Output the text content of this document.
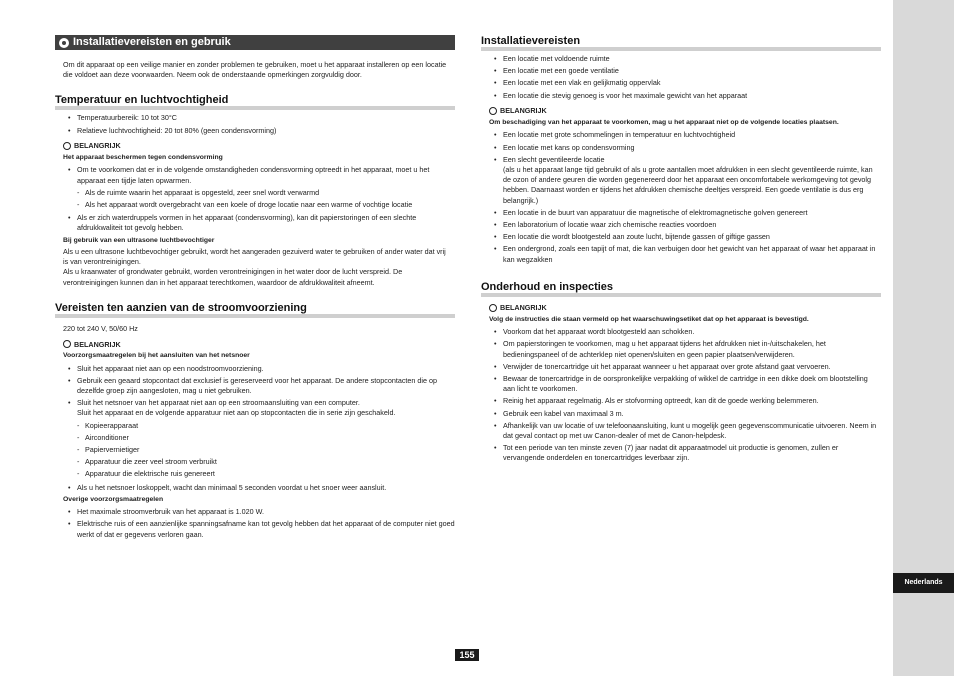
Nederlands
155
Installatievereisten en gebruik

Om dit apparaat op een veilige manier en zonder problemen te gebruiken, moet u het apparaat installeren op een locatie die voldoet aan deze voorwaarden. Neem ook de onderstaande opmerkingen zorgvuldig door.

Temperatuur en luchtvochtigheid
• Temperatuurbereik: 10 tot 30°C
• Relatieve luchtvochtigheid: 20 tot 80% (geen condensvorming)
BELANGRIJK

Het apparaat beschermen tegen condensvorming

• Om te voorkomen dat er in de volgende omstandigheden condensvorming optreedt in het apparaat, moet u het apparaat een tijdje laten opwarmen.
- Als de ruimte waarin het apparaat is opgesteld, zeer snel wordt verwarmd
- Als het apparaat wordt overgebracht van een koele of droge locatie naar een warme of vochtige locatie
• Als er zich waterdruppels vormen in het apparaat (condensvorming), kan dit papierstoringen of een slechte afdrukkwaliteit tot gevolg hebben.

Bij gebruik van een ultrasone luchtbevochtiger

Als u een ultrasone luchtbevochtiger gebruikt, wordt het aangeraden gezuiverd water te gebruiken of ander water dat vrij is van verontreinigingen.

Als u kraanwater of grondwater gebruikt, worden verontreinigingen in het water door de lucht verspreid. De verontreinigingen kunnen dan in het apparaat terechtkomen, waardoor de afdrukkwaliteit afneemt.

Vereisten ten aanzien van de stroomvoorziening

220 tot 240 V, 50/60 Hz

BELANGRIJK

Voorzorgsmaatregelen bij het aansluiten van het netsnoer

• Sluit het apparaat niet aan op een noodstroomvoorziening.
• Gebruik een geaard stopcontact dat exclusief is gereserveerd voor het apparaat. De andere stopcontacten die op dezelfde groep zijn aangesloten, mag u niet gebruiken.
• Sluit het netsnoer van het apparaat niet aan op een stroomaansluiting van een computer.
Sluit het apparaat en de volgende apparatuur niet aan op stopcontacten die in serie zijn geschakeld.
- Kopieerapparaat
- Airconditioner
- Papiervernietiger
- Apparatuur die zeer veel stroom verbruikt
- Apparatuur die elektrische ruis genereert
• Als u het netsnoer loskoppelt, wacht dan minimaal 5 seconden voordat u het snoer weer aansluit.

Overige voorzorgsmaatregelen

• Het maximale stroomverbruik van het apparaat is 1.020 W.
• Elektrische ruis of een aanzienlijke spanningsafname kan tot gevolg hebben dat het apparaat of de computer niet goed werkt of dat er gegevens verloren gaan.
Installatievereisten
• Een locatie met voldoende ruimte
• Een locatie met een goede ventilatie
• Een locatie met een vlak en gelijkmatig oppervlak
• Een locatie die stevig genoeg is voor het maximale gewicht van het apparaat
BELANGRIJK

Om beschadiging van het apparaat te voorkomen, mag u het apparaat niet op de volgende locaties plaatsen.

• Een locatie met grote schommelingen in temperatuur en luchtvochtigheid
• Een locatie met kans op condensvorming
• Een slecht geventileerde locatie
(als u het apparaat lange tijd gebruikt of als u grote aantallen moet afdrukken in een slecht geventileerde ruimte, kan de ozon of andere geuren die worden gegenereerd door het apparaat een oncomfortabele werkomgeving tot gevolg hebben. Daarnaast worden er tijdens het afdrukken chemische deeltjes verspreid. Een goede ventilatie is dus erg belangrijk.)
• Een locatie in de buurt van apparatuur die magnetische of elektromagnetische golven genereert
• Een laboratorium of locatie waar zich chemische reacties voordoen
• Een locatie die wordt blootgesteld aan zoute lucht, bijtende gassen of giftige gassen
• Een ondergrond, zoals een tapijt of mat, die kan verbuigen door het gewicht van het apparaat of waar het apparaat in kan wegzakken
Onderhoud en inspecties
BELANGRIJK

Volg de instructies die staan vermeld op het waarschuwingsetiket dat op het apparaat is bevestigd.

• Voorkom dat het apparaat wordt blootgesteld aan schokken.
• Om papierstoringen te voorkomen, mag u het apparaat tijdens het afdrukken niet in-/uitschakelen, het bedieningspaneel of de achterklep niet openen/sluiten en geen papier plaatsen/verwijderen.
• Verwijder de tonercartridge uit het apparaat wanneer u het apparaat over grote afstand gaat vervoeren.
• Bewaar de tonercartridge in de oorspronkelijke verpakking of wikkel de cartridge in een dikke doek om blootstelling aan licht te voorkomen.
• Reinig het apparaat regelmatig. Als er stofvorming optreedt, kan dit de goede werking belemmeren.
• Gebruik een kabel van maximaal 3 m.
• Afhankelijk van uw locatie of uw telefoonaansluiting, kunt u mogelijk geen gegevenscommunicatie uitvoeren. Neem in dat geval contact op met uw Canon-dealer of met de Canon-helpdesk.
• Tot een periode van ten minste zeven (7) jaar nadat dit apparaatmodel uit productie is genomen, zullen er vervangende onderdelen en tonercartridges leverbaar zijn.
